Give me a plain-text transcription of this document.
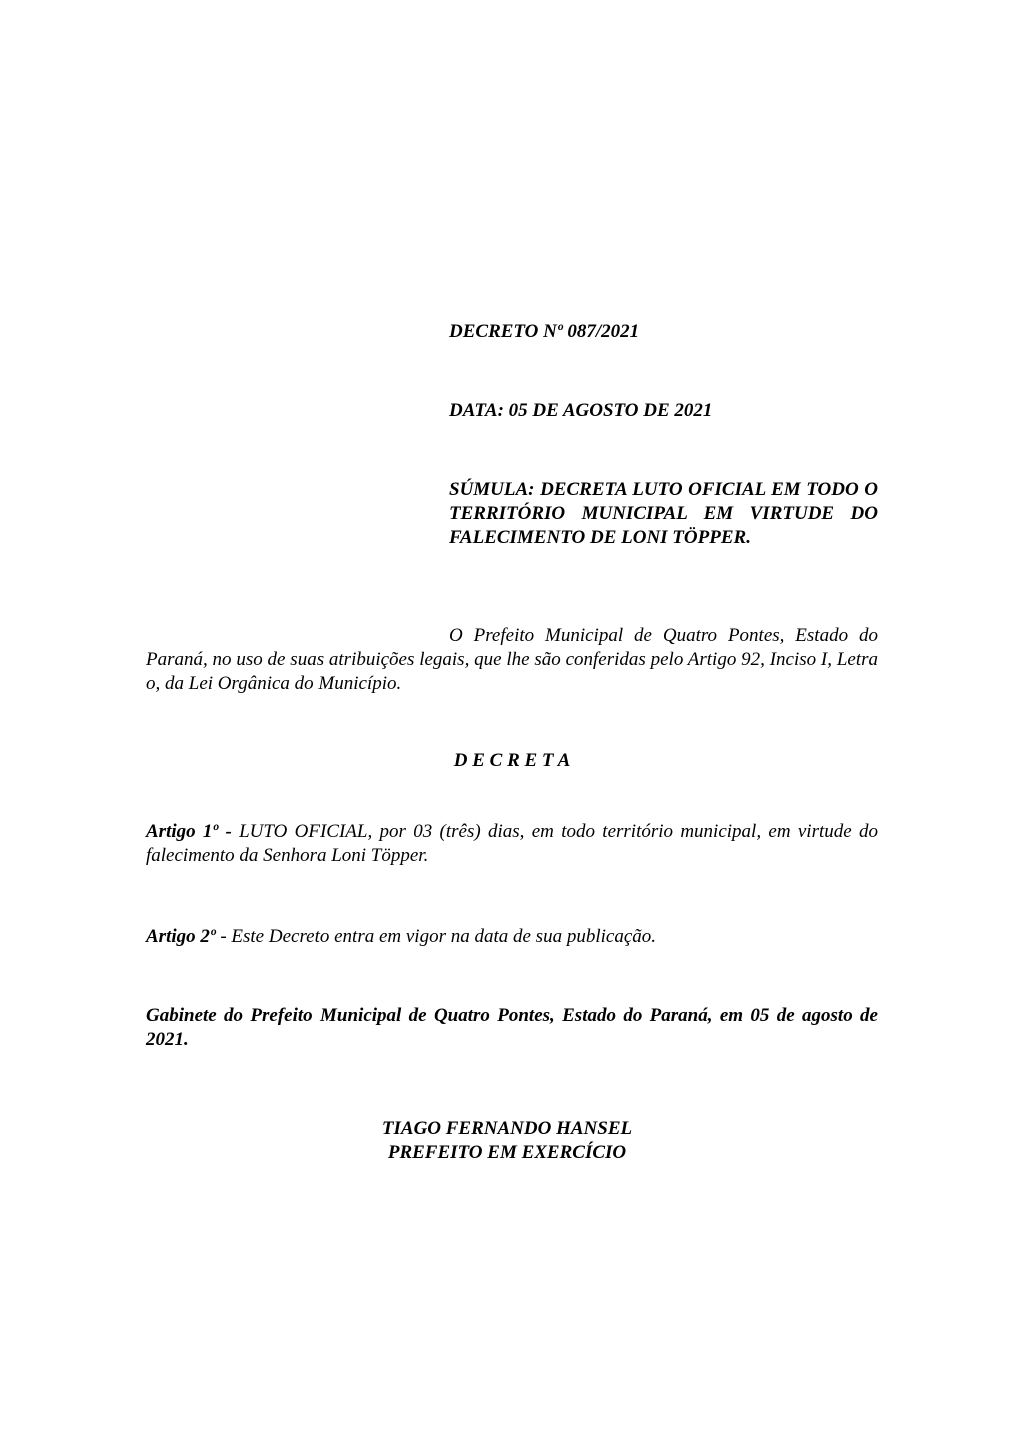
DECRETO Nº 087/2021
DATA: 05 DE AGOSTO DE 2021
SÚMULA: DECRETA LUTO OFICIAL EM TODO O TERRITÓRIO MUNICIPAL EM VIRTUDE DO FALECIMENTO DE LONI TÖPPER.
O Prefeito Municipal de Quatro Pontes, Estado do Paraná, no uso de suas atribuições legais, que lhe são conferidas pelo Artigo 92, Inciso I, Letra o, da Lei Orgânica do Município.
D E C R E T A
Artigo 1º - LUTO OFICIAL, por 03 (três) dias, em todo território municipal, em virtude do falecimento da Senhora Loni Töpper.
Artigo 2º - Este Decreto entra em vigor na data de sua publicação.
Gabinete do Prefeito Municipal de Quatro Pontes, Estado do Paraná, em 05 de agosto de 2021.
TIAGO FERNANDO HANSEL
PREFEITO EM EXERCÍCIO
